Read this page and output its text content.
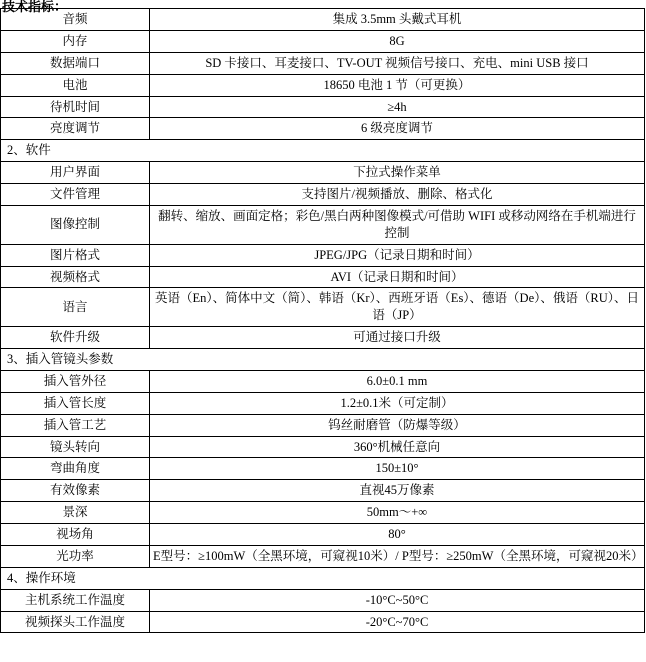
技术指标：
音频	集成 3.5mm 头戴式耳机
内存	8G
数据端口	SD 卡接口、耳麦接口、TV-OUT 视频信号接口、充电、mini USB 接口
电池	18650 电池 1 节（可更换）
待机时间	≥4h
亮度调节	6 级亮度调节
2、软件	
用户界面	下拉式操作菜单
文件管理	支持图片/视频播放、删除、格式化
图像控制	翻转、缩放、画面定格；彩色/黑白两种图像模式/可借助 WIFI 或移动网络在手机端进行控制
图片格式	JPEG/JPG（记录日期和时间）
视频格式	AVI（记录日期和时间）
语言	英语（En）、简体中文（简）、韩语（Kr）、西班牙语（Es）、德语（De）、俄语（RU）、日语（JP）
软件升级	可通过接口升级
3、插入管镜头参数	
插入管外径	6.0±0.1 mm
插入管长度	1.2±0.1米（可定制）
插入管工艺	钨丝耐磨管（防爆等级）
镜头转向	360°机械任意向
弯曲角度	150±10°
有效像素	直视45万像素
景深	50mm～+∞
视场角	80°
光功率	E型号：≥100mW（全黑环境，可窥视10米）/ P型号：≥250mW（全黑环境，可窥视20米）
4、操作环境	
主机系统工作温度	-10°C~50°C
视频探头工作温度	-20°C~70°C
